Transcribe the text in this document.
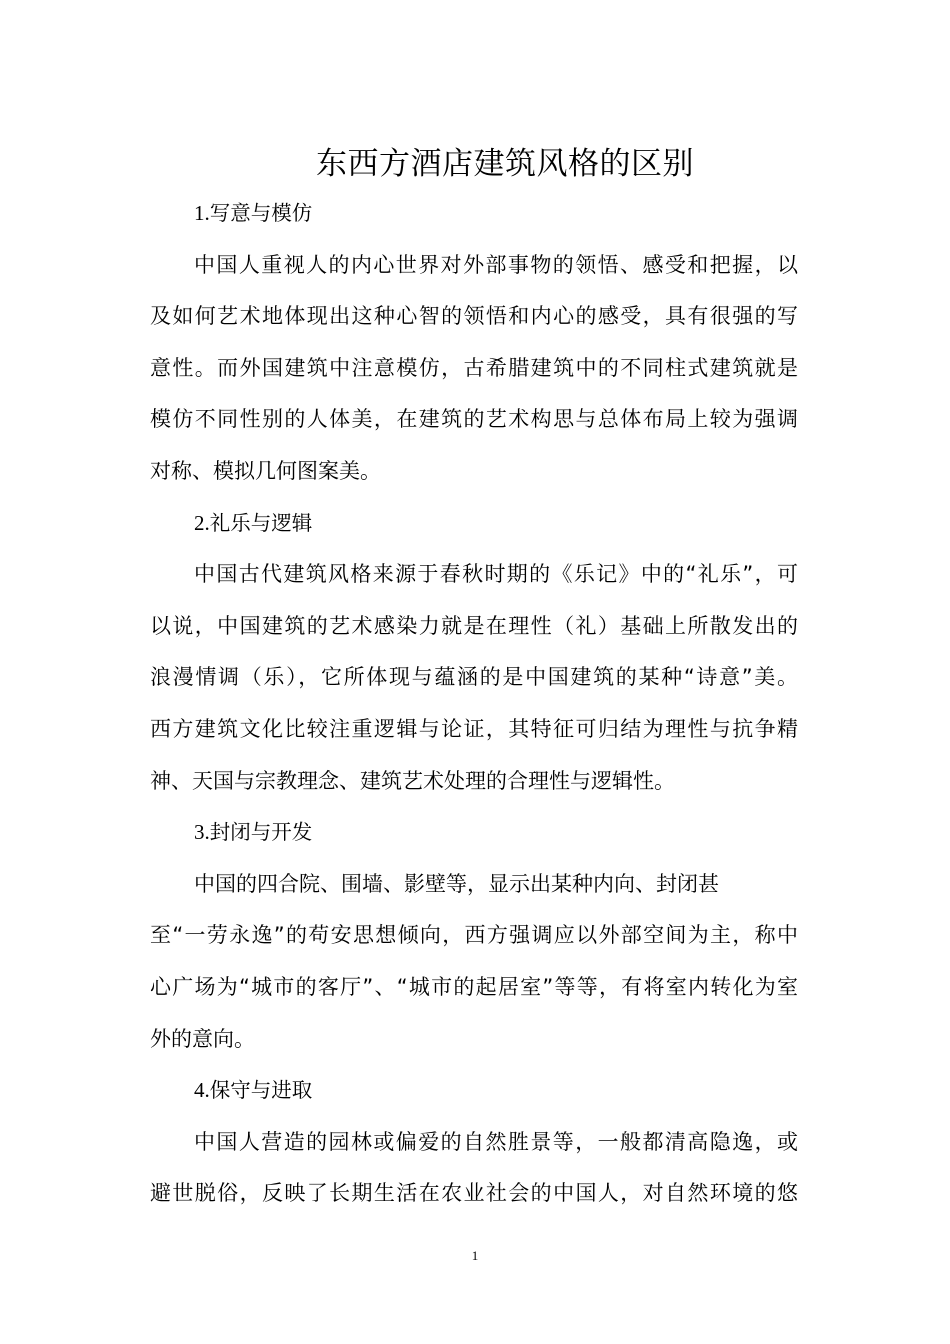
东西方酒店建筑风格的区别

1.写意与模仿

中国人重视人的内心世界对外部事物的领悟、感受和把握，以

及如何艺术地体现出这种心智的领悟和内心的感受，具有很强的写

意性。而外国建筑中注意模仿，古希腊建筑中的不同柱式建筑就是

模仿不同性别的人体美，在建筑的艺术构思与总体布局上较为强调

对称、模拟几何图案美。

2.礼乐与逻辑

中国古代建筑风格来源于春秋时期的《乐记》中的“礼乐”，可

以说，中国建筑的艺术感染力就是在理性（礼）基础上所散发出的

浪漫情调（乐），它所体现与蕴涵的是中国建筑的某种“诗意”美。

西方建筑文化比较注重逻辑与论证，其特征可归结为理性与抗争精

神、天国与宗教理念、建筑艺术处理的合理性与逻辑性。

3.封闭与开发

中国的四合院、围墙、影壁等，显示出某种内向、封闭甚

至“一劳永逸”的苟安思想倾向，西方强调应以外部空间为主，称中

心广场为“城市的客厅”、“城市的起居室”等等，有将室内转化为室

外的意向。

4.保守与进取

中国人营造的园林或偏爱的自然胜景等，一般都清高隐逸，或

避世脱俗，反映了长期生活在农业社会的中国人，对自然环境的悠

1
